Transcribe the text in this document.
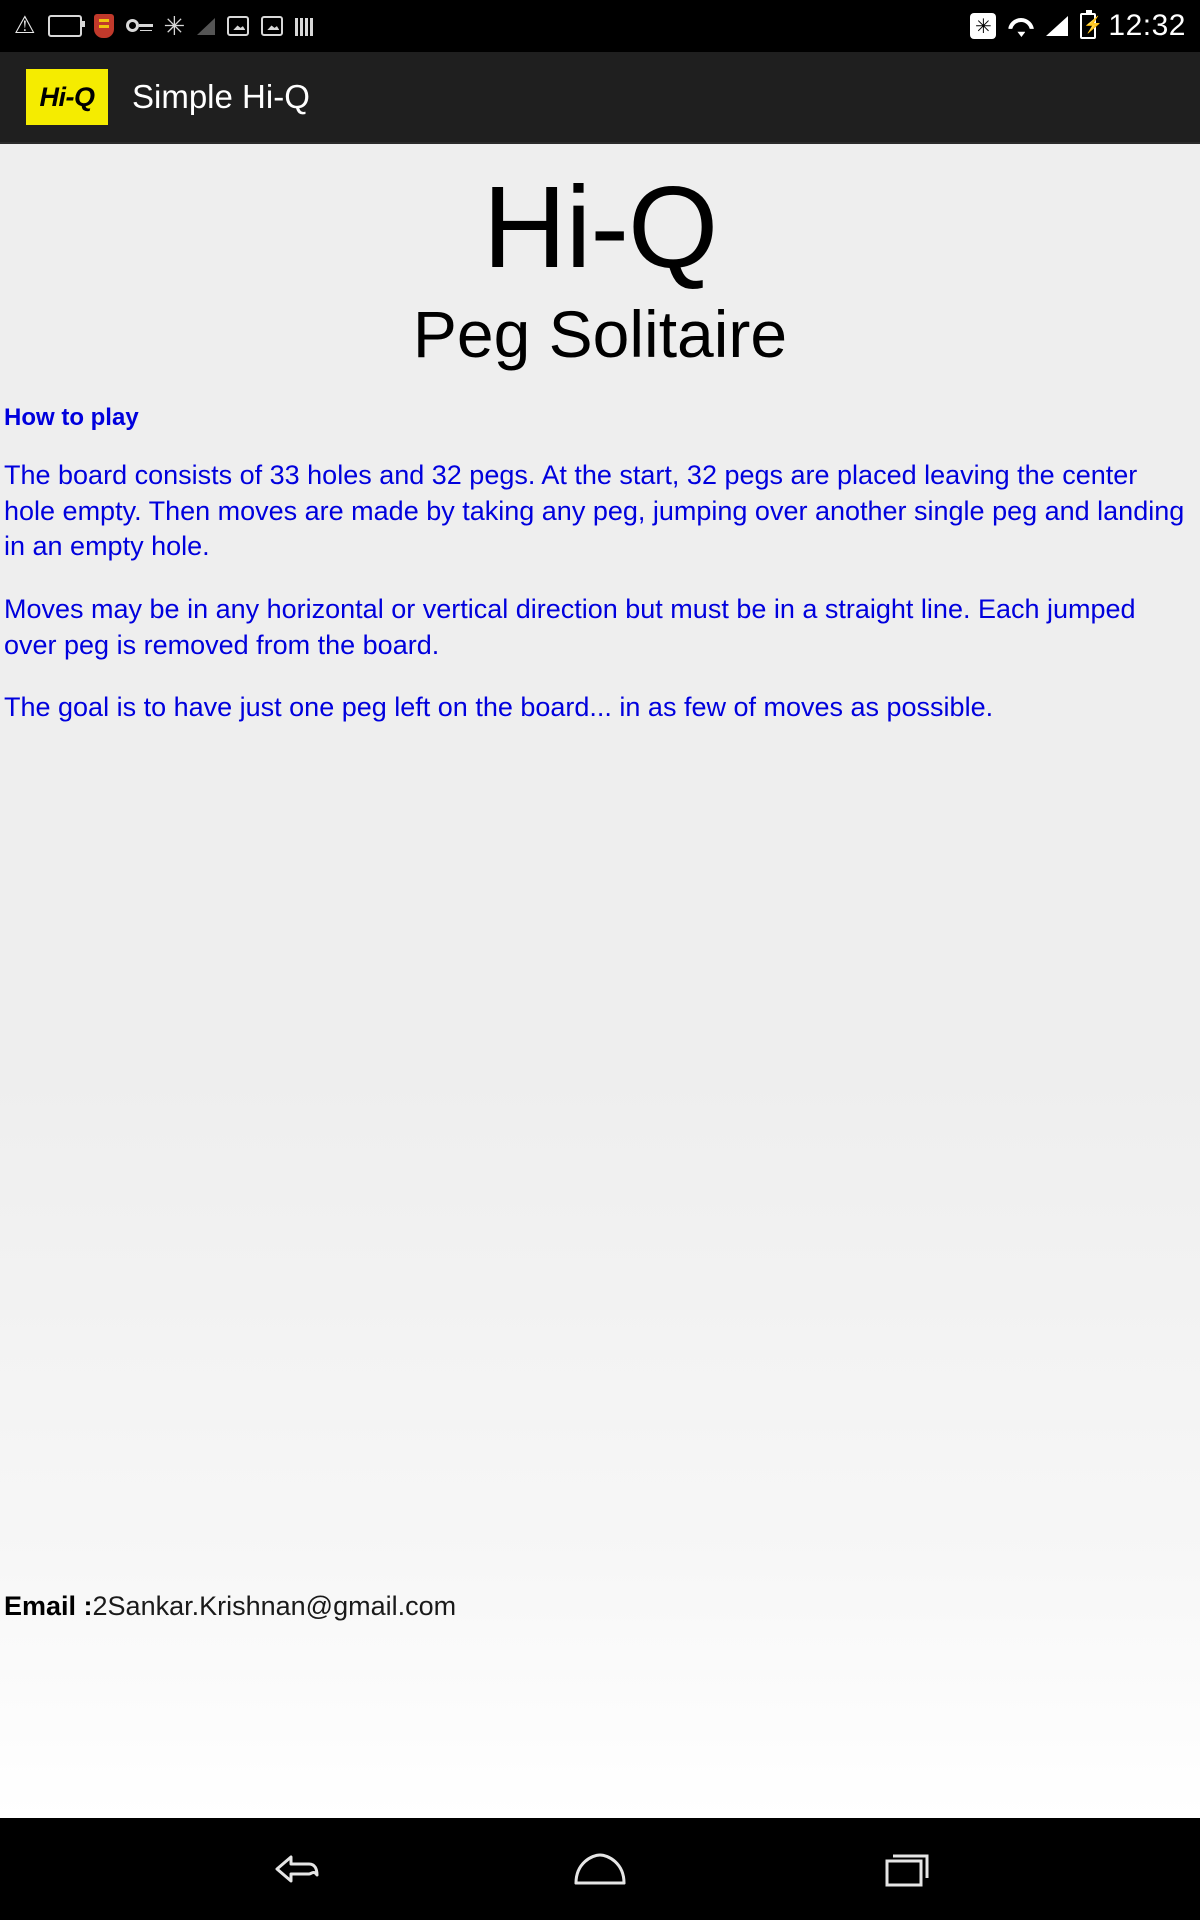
⚠	✳	✳ ⚡	12:32
Hi-Q	Simple Hi-Q
Hi-Q
Peg Solitaire
How to play

The board consists of 33 holes and 32 pegs. At the start, 32 pegs are placed leaving the center hole empty. Then moves are made by taking any peg, jumping over another single peg and landing in an empty hole.

Moves may be in any horizontal or vertical direction but must be in a straight line. Each jumped over peg is removed from the board.

The goal is to have just one peg left on the board... in as few of moves as possible.

Email :2Sankar.Krishnan@gmail.com
